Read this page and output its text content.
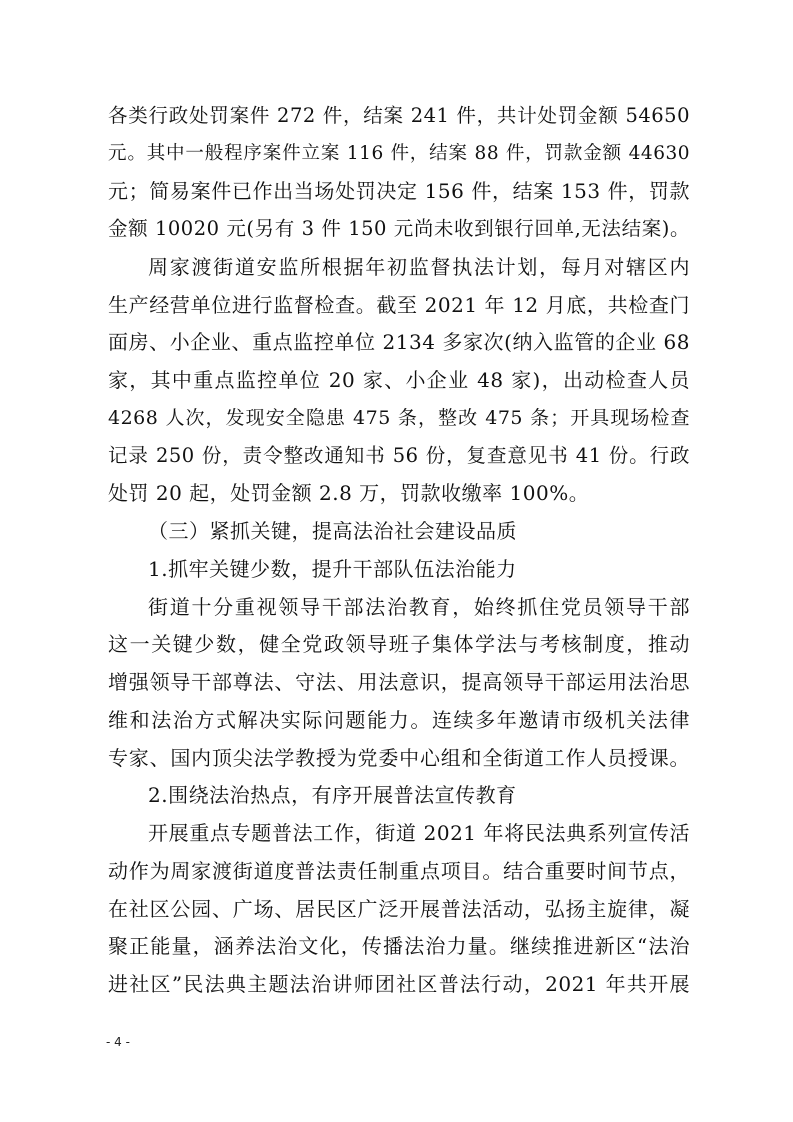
各类行政处罚案件 272 件，结案 241 件，共计处罚金额 54650
元。其中一般程序案件立案 116 件，结案 88 件，罚款金额 44630
元；简易案件已作出当场处罚决定 156 件，结案 153 件，罚款
金额 10020 元(另有 3 件 150 元尚未收到银行回单,无法结案)。
周家渡街道安监所根据年初监督执法计划，每月对辖区内
生产经营单位进行监督检查。截至 2021 年 12 月底，共检查门
面房、小企业、重点监控单位 2134 多家次(纳入监管的企业 68
家，其中重点监控单位 20 家、小企业 48 家)，出动检查人员
4268 人次，发现安全隐患 475 条，整改 475 条；开具现场检查
记录 250 份，责令整改通知书 56 份，复查意见书 41 份。行政
处罚 20 起，处罚金额 2.8 万，罚款收缴率 100%。
（三）紧抓关键，提高法治社会建设品质
1.抓牢关键少数，提升干部队伍法治能力
街道十分重视领导干部法治教育，始终抓住党员领导干部
这一关键少数，健全党政领导班子集体学法与考核制度，推动
增强领导干部尊法、守法、用法意识，提高领导干部运用法治思
维和法治方式解决实际问题能力。连续多年邀请市级机关法律
专家、国内顶尖法学教授为党委中心组和全街道工作人员授课。
2.围绕法治热点，有序开展普法宣传教育
开展重点专题普法工作，街道 2021 年将民法典系列宣传活
动作为周家渡街道度普法责任制重点项目。结合重要时间节点，
在社区公园、广场、居民区广泛开展普法活动，弘扬主旋律，凝
聚正能量，涵养法治文化，传播法治力量。继续推进新区“法治
进社区”民法典主题法治讲师团社区普法行动，2021 年共开展
- 4 -
